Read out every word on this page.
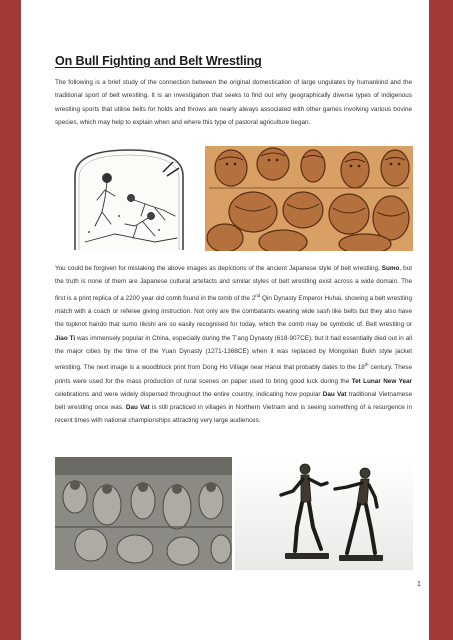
On Bull Fighting and Belt Wrestling

The following is a brief study of the connection between the original domestication of large ungulates by humankind and the traditional sport of belt wrestling. It is an investigation that seeks to find out why geographically diverse types of indigenous wrestling sports that utilise belts for holds and throws are nearly always associated with other games involving various bovine species, which may help to explain when and where this type of pastoral agriculture began.

You could be forgiven for mistaking the above images as depictions of the ancient Japanese style of belt wrestling, Sumo, but the truth is none of them are Japanese cultural artefacts and similar styles of belt wrestling exist across a wide domain. The first is a print replica of a 2200 year old comb found in the tomb of the 2nd Qin Dynasty Emperor Huhai, showing a belt wrestling match with a coach or referee giving instruction. Not only are the combatants wearing wide sash like belts but they also have the topknot hairdo that sumo rikishi are so easily recognised for today, which the comb may be symbolic of. Belt wrestling or Jiao Ti was immensely popular in China, especially during the T’ang Dynasty (618-907CE), but it had essentially died out in all the major cities by the time of the Yuan Dynasty (1271-1368CE) when it was replaced by Mongolian Bukh style jacket wrestling. The next image is a woodblock print from Dong Ho Village near Hanoi that probably dates to the 18th century. These prints were used for the mass production of rural scenes on paper used to bring good luck during the Tet Lunar New Year celebrations and were widely dispersed throughout the entire country, indicating how popular Dau Vat traditional Vietnamese belt wrestling once was. Dau Vat is still practiced in villages in Northern Vietnam and is seeing something of a resurgence in recent times with national championships attracting very large audiences.

1
